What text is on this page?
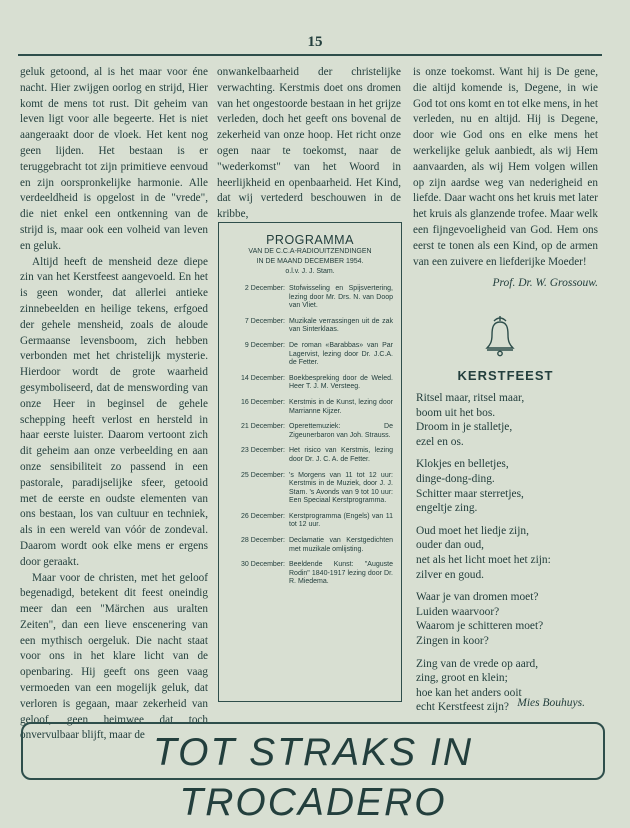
15

geluk getoond, al is het maar voor éne nacht. Hier zwijgen oorlog en strijd, Hier komt de mens tot rust. Dit geheim van leven ligt voor alle begeerte. Het is niet aangeraakt door de vloek. Het kent nog geen lijden. Het bestaan is er teruggebracht tot zijn primitieve eenvoud en zijn oorspronkelijke harmonie. Alle verdeeldheid is opgelost in de "vrede", die niet enkel een ontkenning van de strijd is, maar ook een volheid van leven en geluk.

Altijd heeft de mensheid deze diepe zin van het Kerstfeest aangevoeld. En het is geen wonder, dat allerlei antieke zinnebeelden en heilige tekens, erfgoed der gehele mensheid, zoals de aloude Germaanse levensboom, zich hebben verbonden met het christelijk mysterie. Hierdoor wordt de grote waarheid gesymboliseerd, dat de menswording van onze Heer in beginsel de gehele schepping heeft verlost en hersteld in haar eerste luister. Daarom vertoont zich dit geheim aan onze verbeelding en aan onze sensibiliteit zo passend in een pastorale, paradijselijke sfeer, getooid met de eerste en oudste elementen van ons bestaan, los van cultuur en techniek, als in een wereld van vóór de zondeval. Daarom wordt ook elke mens er ergens door geraakt.

Maar voor de christen, met het geloof begenadigd, betekent dit feest oneindig meer dan een "Märchen aus uralten Zeiten", dan een lieve enscenering van een mythisch oergeluk. Die nacht staat voor ons in het klare licht van de openbaring. Hij geeft ons geen vaag vermoeden van een mogelijk geluk, dat verloren is gegaan, maar zekerheid van geloof, geen heimwee dat toch onvervulbaar blijft, maar de

onwankelbaarheid der christelijke verwachting. Kerstmis doet ons dromen van het ongestoorde bestaan in het grijze verleden, doch het geeft ons bovenal de zekerheid van onze hoop. Het richt onze ogen naar te toekomst, naar de "wederkomst" van het Woord in heerlijkheid en openbaarheid. Het Kind, dat wij vertederd beschouwen in de kribbe,

PROGRAMMA
VAN DE C.C.A-RADIOUITZENDINGEN
IN DE MAAND DECEMBER 1954.
o.l.v. J. J. Stam.
2 December: Stofwisseling en Spijsvertering, lezing door Mr. Drs. N. van Doop van Vliet.
7 December: Muzikale verrassingen uit de zak van Sinterklaas.
9 December: De roman «Barabbas» van Par Lagervist, lezing door Dr. J.C.A. de Fetter.
14 December: Boekbespreking door de Weled. Heer T. J. M. Versteeg.
16 December: Kerstmis in de Kunst, lezing door Marrianne Kijzer.
21 December: Operettemuziek: De Zigeunerbaron van Joh. Strauss.
23 December: Het risico van Kerstmis, lezing door Dr. J. C. A. de Fetter.
25 December: 's Morgens van 11 tot 12 uur: Kerstmis in de Muziek, door J. J. Stam. 's Avonds van 9 tot 10 uur: Een Speciaal Kerstprogramma.
26 December: Kerstprogramma (Engels) van 11 tot 12 uur.
28 December: Declamatie van Kerstgedichten met muzikale omlijsting.
30 December: Beeldende Kunst: "Auguste Rodin" 1840-1917 lezing door Dr. R. Miedema.

is onze toekomst. Want hij is De gene, die altijd komende is, Degene, in wie God tot ons komt en tot elke mens, in het verleden, nu en altijd. Hij is Degene, door wie God ons en elke mens het werkelijke geluk aanbiedt, als wij Hem aanvaarden, als wij Hem volgen willen op zijn aardse weg van nederigheid en liefde. Daar wacht ons het kruis met later het kruis als glanzende trofee. Maar welk een fijngevoeligheid van God. Hem ons eerst te tonen als een Kind, op de armen van een zuivere en liefderijke Moeder!

Prof. Dr. W. Grossouw.
KERSTFEEST
Ritsel maar, ritsel maar,
boom uit het bos.
Droom in je stalletje,
ezel en os.
Klokjes en belletjes,
dinge-dong-ding.
Schitter maar sterretjes,
engeltje zing.
Oud moet het liedje zijn,
ouder dan oud,
net als het licht moet het zijn:
zilver en goud.
Waar je van dromen moet?
Luiden waarvoor?
Waarom je schitteren moet?
Zingen in koor?
Zing van de vrede op aard,
zing, groot en klein;
hoe kan het anders ooit
echt Kerstfeest zijn? Mies Bouhuys.
TOT STRAKS IN TROCADERO
